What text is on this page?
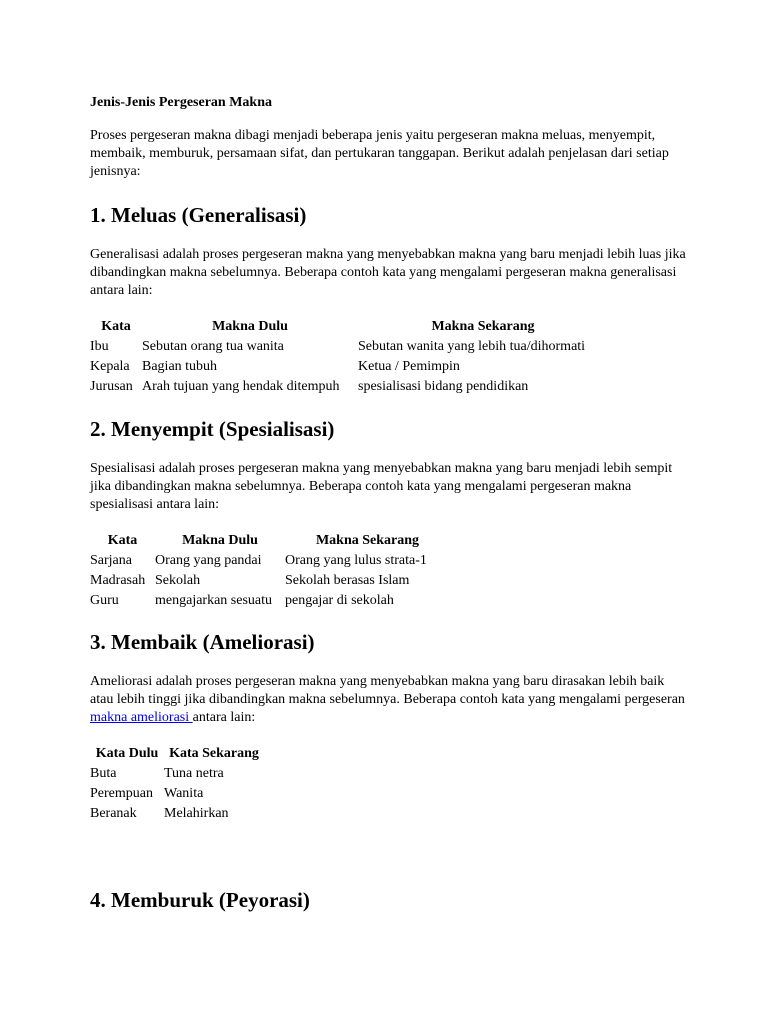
Jenis-Jenis Pergeseran Makna

Proses pergeseran makna dibagi menjadi beberapa jenis yaitu pergeseran makna meluas, menyempit, membaik, memburuk, persamaan sifat, dan pertukaran tanggapan. Berikut adalah penjelasan dari setiap jenisnya:

1. Meluas (Generalisasi)

Generalisasi adalah proses pergeseran makna yang menyebabkan makna yang baru menjadi lebih luas jika dibandingkan makna sebelumnya. Beberapa contoh kata yang mengalami pergeseran makna generalisasi antara lain:

Kata	Makna Dulu	Makna Sekarang
Ibu	Sebutan orang tua wanita	Sebutan wanita yang lebih tua/dihormati
Kepala	Bagian tubuh	Ketua / Pemimpin
Jurusan	Arah tujuan yang hendak ditempuh	spesialisasi bidang pendidikan
2. Menyempit (Spesialisasi)

Spesialisasi adalah proses pergeseran makna yang menyebabkan makna yang baru menjadi lebih sempit jika dibandingkan makna sebelumnya. Beberapa contoh kata yang mengalami pergeseran makna spesialisasi antara lain:

Kata	Makna Dulu	Makna Sekarang
Sarjana	Orang yang pandai	Orang yang lulus strata-1
Madrasah	Sekolah	Sekolah berasas Islam
Guru	mengajarkan sesuatu	pengajar di sekolah
3. Membaik (Ameliorasi)

Ameliorasi adalah proses pergeseran makna yang menyebabkan makna yang baru dirasakan lebih baik atau lebih tinggi jika dibandingkan makna sebelumnya. Beberapa contoh kata yang mengalami pergeseran makna ameliorasi antara lain:

Kata Dulu	Kata Sekarang
Buta	Tuna netra
Perempuan	Wanita
Beranak	Melahirkan
4. Memburuk (Peyorasi)
